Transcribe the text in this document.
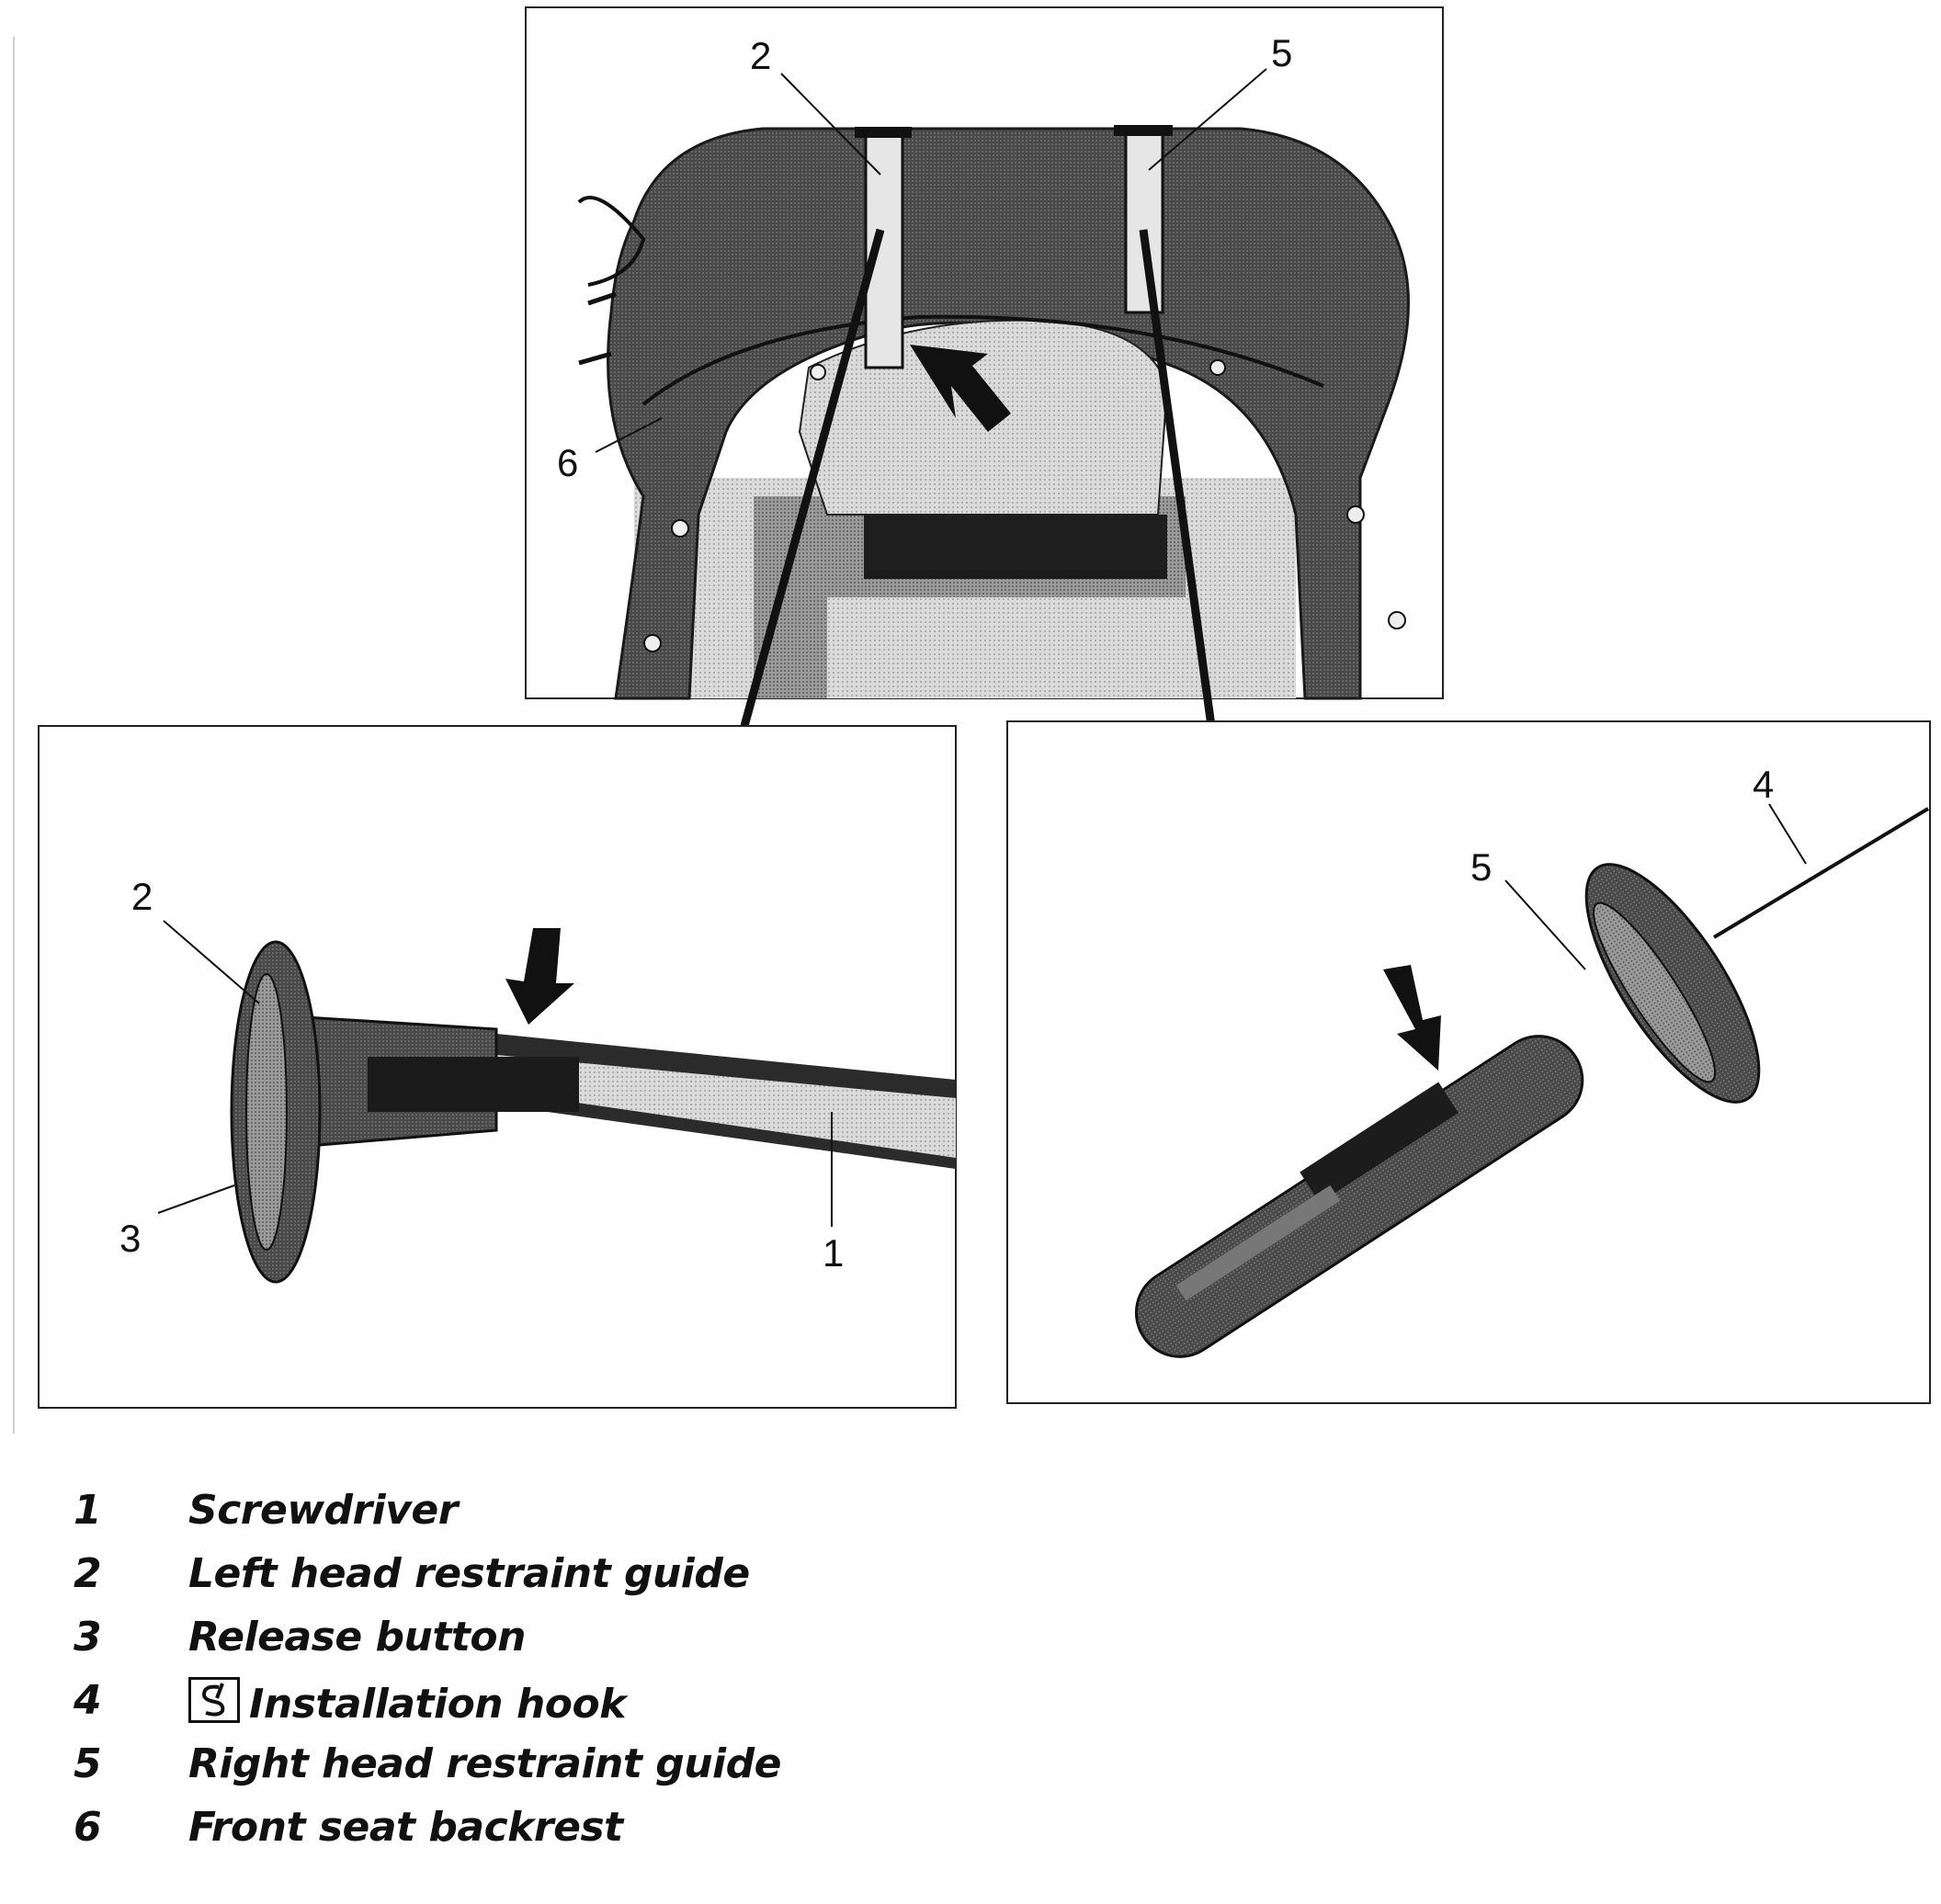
2	5
6
2
3	1
4
5
1	Screwdriver
2	Left head restraint guide
3	Release button
4	Installation hook
5	Right head restraint guide
6	Front seat backrest
